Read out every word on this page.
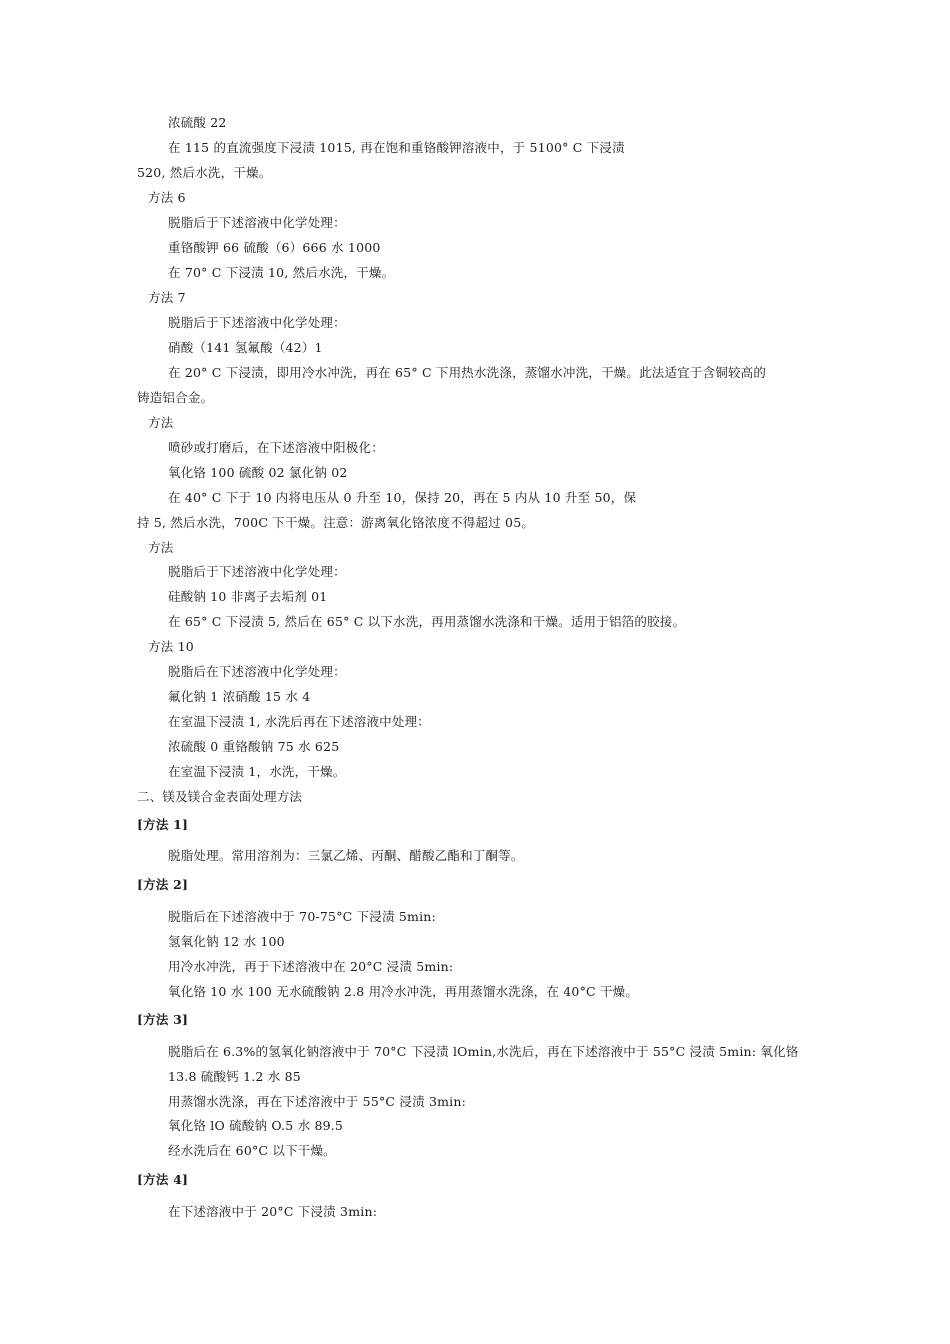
浓硫酸 22
在 115 的直流强度下浸渍 1015, 再在饱和重铬酸钾溶液中，于 5100° C 下浸渍
520, 然后水洗，干燥。
方法 6
脱脂后于下述溶液中化学处理：
重铬酸钾 66 硫酸（6）666 水 1000
在 70° C 下浸渍 10, 然后水洗，干燥。
方法 7
脱脂后于下述溶液中化学处理：
硝酸（141 氢氟酸（42）1
在 20° C 下浸渍，即用冷水冲洗，再在 65° C 下用热水洗涤，蒸馏水冲洗，干燥。此法适宜于含铜较高的
铸造铝合金。
方法
喷砂或打磨后，在下述溶液中阳极化：
氧化铬 100 硫酸 02 氯化钠 02
在 40° C 下于 10 内将电压从 0 升至 10，保持 20，再在 5 内从 10 升至 50，保
持 5, 然后水洗，700C 下干燥。注意：游离氧化铬浓度不得超过 05。
方法
脱脂后于下述溶液中化学处理：
硅酸钠 10 非离子去垢剂 01
在 65° C 下浸渍 5, 然后在 65° C 以下水洗，再用蒸馏水洗涤和干燥。适用于铝箔的胶接。
方法 10
脱脂后在下述溶液中化学处理：
氟化钠 1 浓硝酸 15 水 4
在室温下浸渍 1, 水洗后再在下述溶液中处理：
浓硫酸 0 重铬酸钠 75 水 625
在室温下浸渍 1，水洗，干燥。
二、镁及镁合金表面处理方法
[方法 1]
脱脂处理。常用溶剂为：三氯乙烯、丙酮、醋酸乙酯和丁酮等。
[方法 2]
脱脂后在下述溶液中于 70-75°C 下浸渍 5min:
氢氧化钠 12 水 100
用冷水冲洗，再于下述溶液中在 20°C 浸渍 5min:
氧化铬 10 水 100 无水硫酸钠 2.8 用冷水冲洗，再用蒸馏水洗涤，在 40°C 干燥。
[方法 3]
脱脂后在 6.3%的氢氧化钠溶液中于 70°C 下浸渍 lOmin,水洗后，再在下述溶液中于 55°C 浸渍 5min: 氧化铬
13.8 硫酸钙 1.2 水 85
用蒸馏水洗涤，再在下述溶液中于 55°C 浸渍 3min:
氧化铬 lO 硫酸钠 O.5 水 89.5
经水洗后在 60°C 以下干燥。
[方法 4]
在下述溶液中于 20°C 下浸渍 3min:
